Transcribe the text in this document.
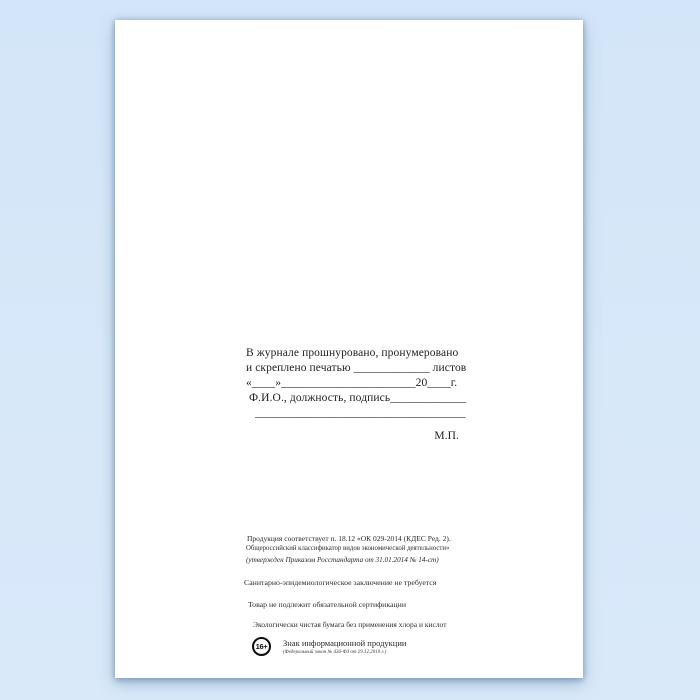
В журнале прошнуровано, пронумеровано
и скреплено печатью _____________ листов
«____»_______________________20____г.
Ф.И.О., должность, подпись_____________
____________________________________
М.П.
Продукция соответствует п. 18.12 «ОК 029-2014 (КДЕС Ред. 2).
Общероссийский классификатор видов экономической деятельности»
(утвержден Приказом Росстандарта от 31.01.2014 № 14-ст)
Санитарно-эпидемиологическое заключение не требуется
Товар не подлежит обязательной сертификации
Экологически чистая бумага без применения хлора и кислот
16+	Знак информационной продукции
(Федеральный закон № 436-ФЗ от 29.12.2010 г.)
